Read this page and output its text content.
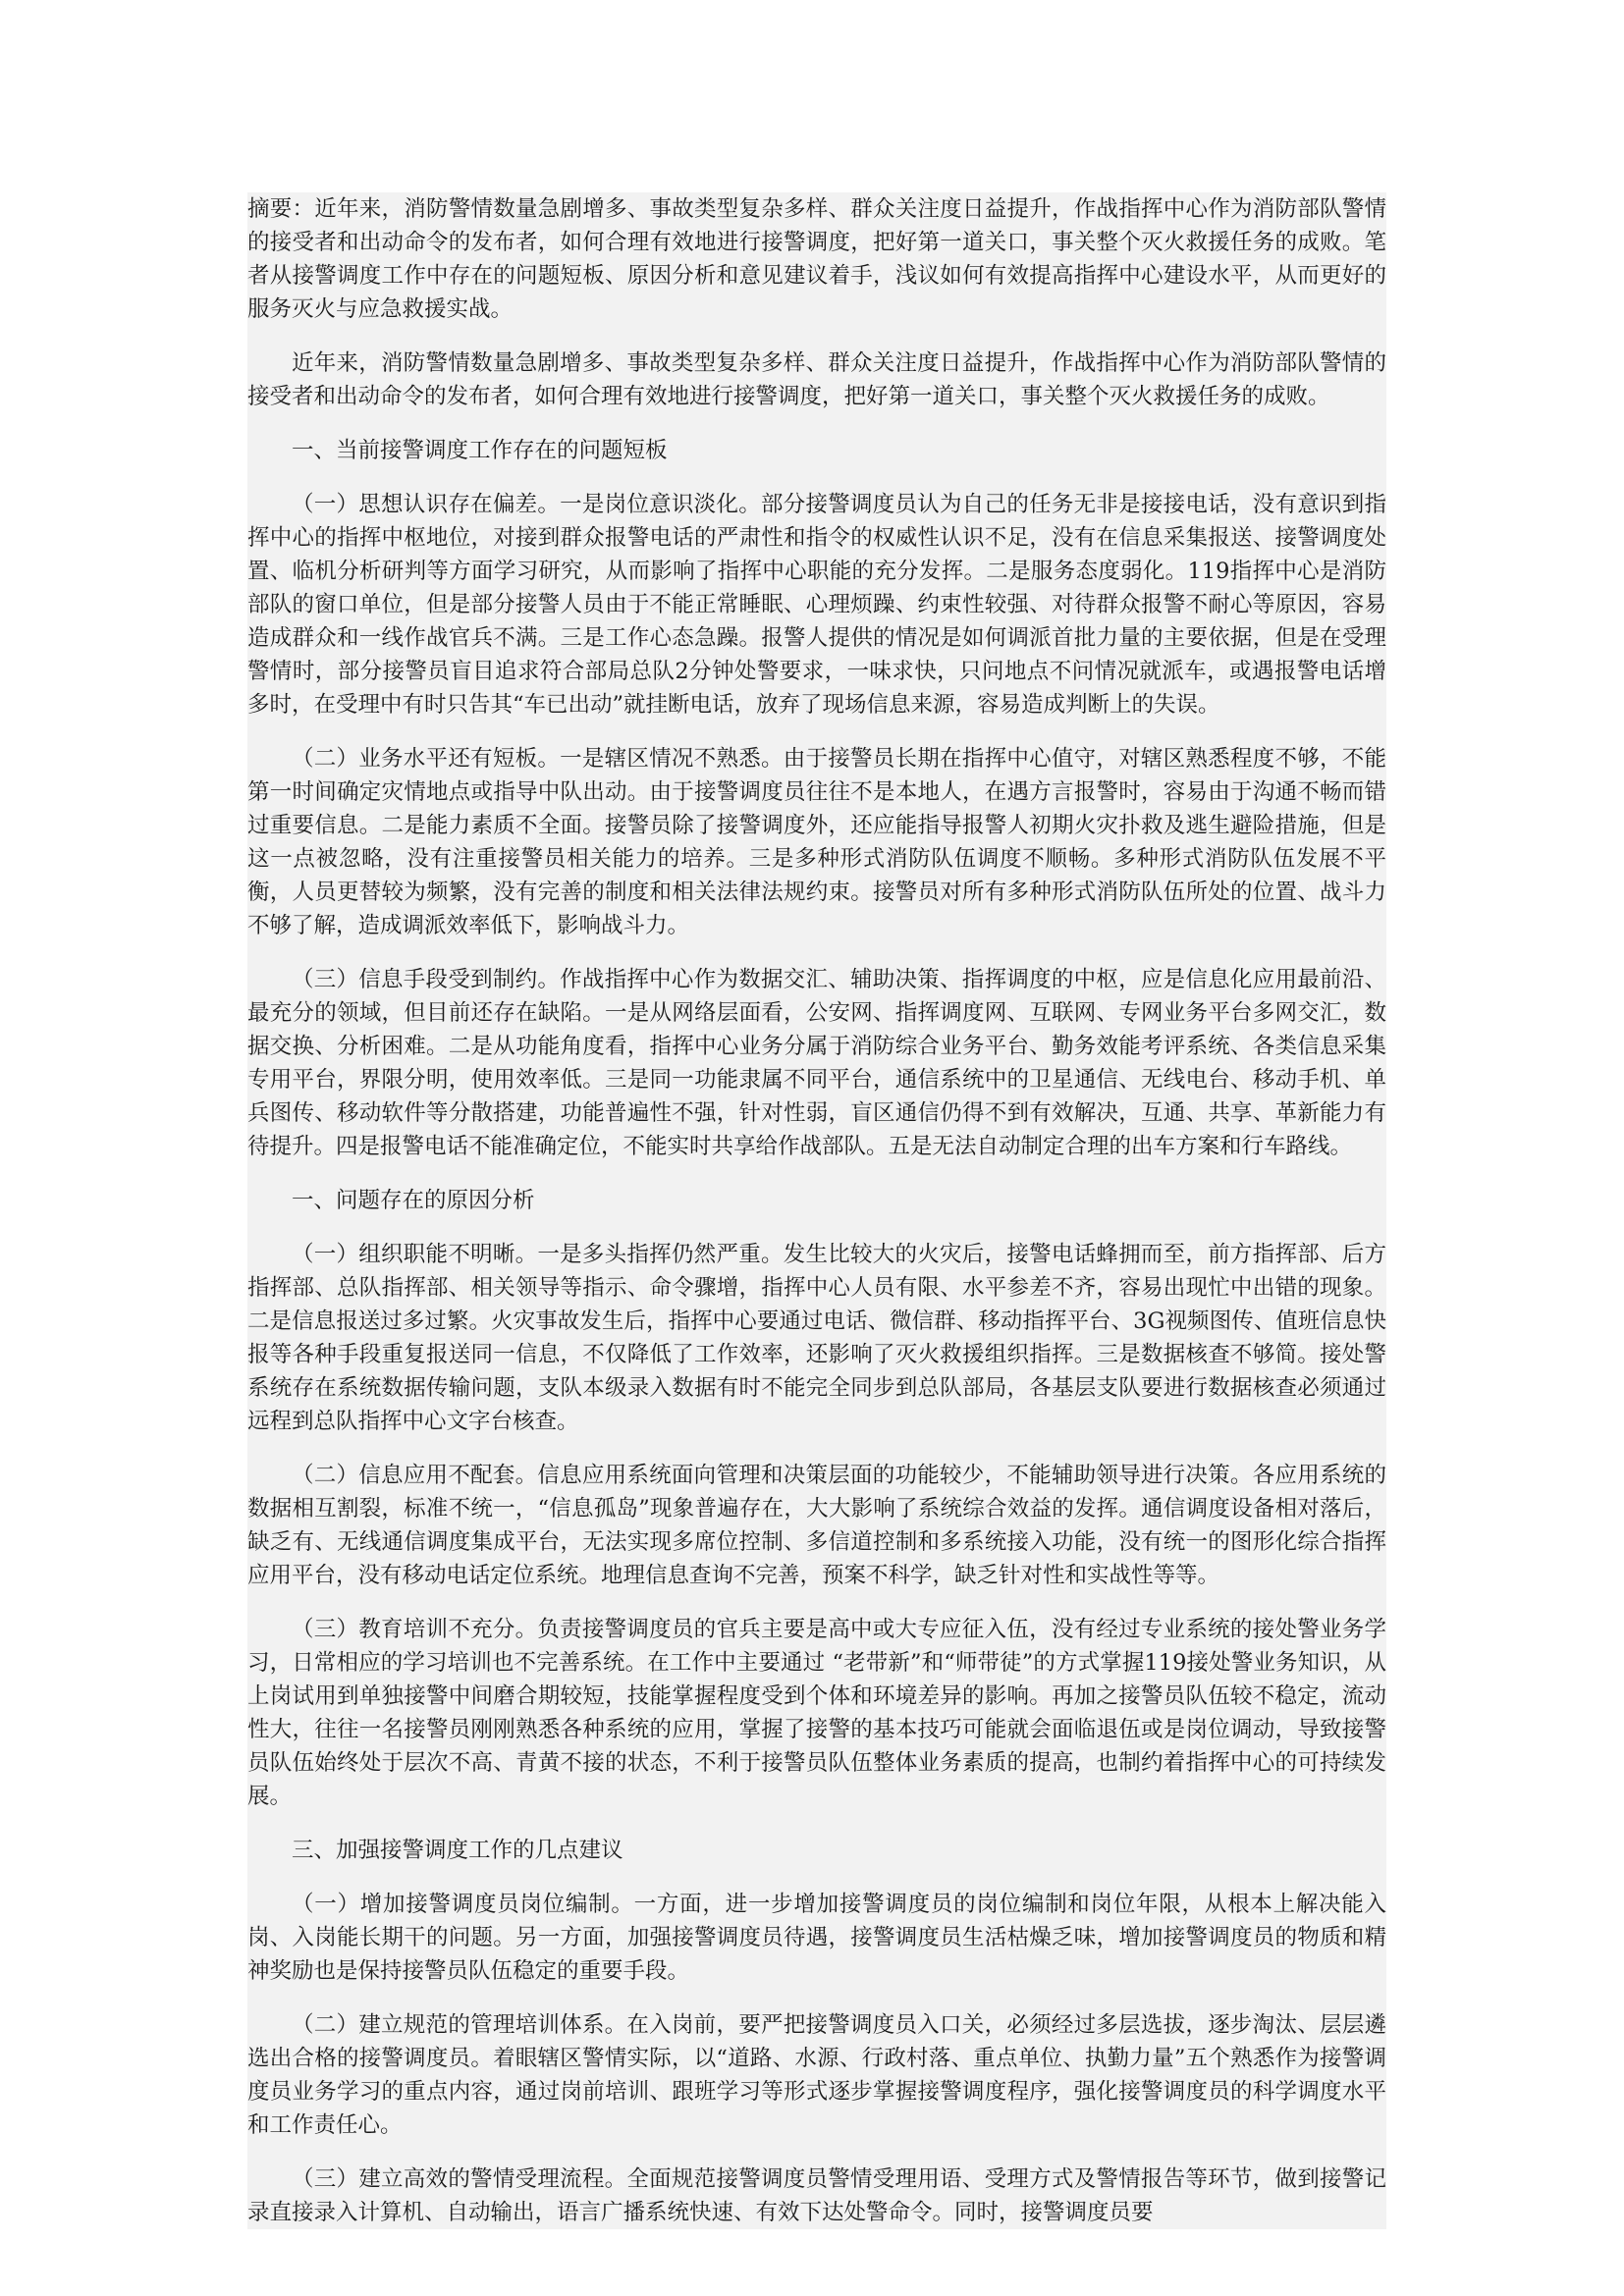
摘要：近年来，消防警情数量急剧增多、事故类型复杂多样、群众关注度日益提升，作战指挥中心作为消防部队警情的接受者和出动命令的发布者，如何合理有效地进行接警调度，把好第一道关口，事关整个灭火救援任务的成败。笔者从接警调度工作中存在的问题短板、原因分析和意见建议着手，浅议如何有效提高指挥中心建设水平，从而更好的服务灭火与应急救援实战。

近年来，消防警情数量急剧增多、事故类型复杂多样、群众关注度日益提升，作战指挥中心作为消防部队警情的接受者和出动命令的发布者，如何合理有效地进行接警调度，把好第一道关口，事关整个灭火救援任务的成败。

一、当前接警调度工作存在的问题短板

（一）思想认识存在偏差。一是岗位意识淡化。部分接警调度员认为自己的任务无非是接接电话，没有意识到指挥中心的指挥中枢地位，对接到群众报警电话的严肃性和指令的权威性认识不足，没有在信息采集报送、接警调度处置、临机分析研判等方面学习研究，从而影响了指挥中心职能的充分发挥。二是服务态度弱化。119指挥中心是消防部队的窗口单位，但是部分接警人员由于不能正常睡眠、心理烦躁、约束性较强、对待群众报警不耐心等原因，容易造成群众和一线作战官兵不满。三是工作心态急躁。报警人提供的情况是如何调派首批力量的主要依据，但是在受理警情时，部分接警员盲目追求符合部局总队2分钟处警要求，一味求快，只问地点不问情况就派车，或遇报警电话增多时，在受理中有时只告其“车已出动”就挂断电话，放弃了现场信息来源，容易造成判断上的失误。

（二）业务水平还有短板。一是辖区情况不熟悉。由于接警员长期在指挥中心值守，对辖区熟悉程度不够，不能第一时间确定灾情地点或指导中队出动。由于接警调度员往往不是本地人，在遇方言报警时，容易由于沟通不畅而错过重要信息。二是能力素质不全面。接警员除了接警调度外，还应能指导报警人初期火灾扑救及逃生避险措施，但是这一点被忽略，没有注重接警员相关能力的培养。三是多种形式消防队伍调度不顺畅。多种形式消防队伍发展不平衡，人员更替较为频繁，没有完善的制度和相关法律法规约束。接警员对所有多种形式消防队伍所处的位置、战斗力不够了解，造成调派效率低下，影响战斗力。

（三）信息手段受到制约。作战指挥中心作为数据交汇、辅助决策、指挥调度的中枢，应是信息化应用最前沿、最充分的领域，但目前还存在缺陷。一是从网络层面看，公安网、指挥调度网、互联网、专网业务平台多网交汇，数据交换、分析困难。二是从功能角度看，指挥中心业务分属于消防综合业务平台、勤务效能考评系统、各类信息采集专用平台，界限分明，使用效率低。三是同一功能隶属不同平台，通信系统中的卫星通信、无线电台、移动手机、单兵图传、移动软件等分散搭建，功能普遍性不强，针对性弱，盲区通信仍得不到有效解决，互通、共享、革新能力有待提升。四是报警电话不能准确定位，不能实时共享给作战部队。五是无法自动制定合理的出车方案和行车路线。

一、问题存在的原因分析

（一）组织职能不明晰。一是多头指挥仍然严重。发生比较大的火灾后，接警电话蜂拥而至，前方指挥部、后方指挥部、总队指挥部、相关领导等指示、命令骤增，指挥中心人员有限、水平参差不齐，容易出现忙中出错的现象。二是信息报送过多过繁。火灾事故发生后，指挥中心要通过电话、微信群、移动指挥平台、3G视频图传、值班信息快报等各种手段重复报送同一信息，不仅降低了工作效率，还影响了灭火救援组织指挥。三是数据核查不够简。接处警系统存在系统数据传输问题，支队本级录入数据有时不能完全同步到总队部局，各基层支队要进行数据核查必须通过远程到总队指挥中心文字台核查。

（二）信息应用不配套。信息应用系统面向管理和决策层面的功能较少，不能辅助领导进行决策。各应用系统的数据相互割裂，标准不统一，“信息孤岛”现象普遍存在，大大影响了系统综合效益的发挥。通信调度设备相对落后，缺乏有、无线通信调度集成平台，无法实现多席位控制、多信道控制和多系统接入功能，没有统一的图形化综合指挥应用平台，没有移动电话定位系统。地理信息查询不完善，预案不科学，缺乏针对性和实战性等等。

（三）教育培训不充分。负责接警调度员的官兵主要是高中或大专应征入伍，没有经过专业系统的接处警业务学习，日常相应的学习培训也不完善系统。在工作中主要通过 “老带新”和“师带徒”的方式掌握119接处警业务知识，从上岗试用到单独接警中间磨合期较短，技能掌握程度受到个体和环境差异的影响。再加之接警员队伍较不稳定，流动性大，往往一名接警员刚刚熟悉各种系统的应用，掌握了接警的基本技巧可能就会面临退伍或是岗位调动，导致接警员队伍始终处于层次不高、青黄不接的状态，不利于接警员队伍整体业务素质的提高，也制约着指挥中心的可持续发展。

三、加强接警调度工作的几点建议

（一）增加接警调度员岗位编制。一方面，进一步增加接警调度员的岗位编制和岗位年限，从根本上解决能入岗、入岗能长期干的问题。另一方面，加强接警调度员待遇，接警调度员生活枯燥乏味，增加接警调度员的物质和精神奖励也是保持接警员队伍稳定的重要手段。

（二）建立规范的管理培训体系。在入岗前，要严把接警调度员入口关，必须经过多层选拔，逐步淘汰、层层遴选出合格的接警调度员。着眼辖区警情实际，以“道路、水源、行政村落、重点单位、执勤力量”五个熟悉作为接警调度员业务学习的重点内容，通过岗前培训、跟班学习等形式逐步掌握接警调度程序，强化接警调度员的科学调度水平和工作责任心。

（三）建立高效的警情受理流程。全面规范接警调度员警情受理用语、受理方式及警情报告等环节，做到接警记录直接录入计算机、自动输出，语言广播系统快速、有效下达处警命令。同时，接警调度员要
